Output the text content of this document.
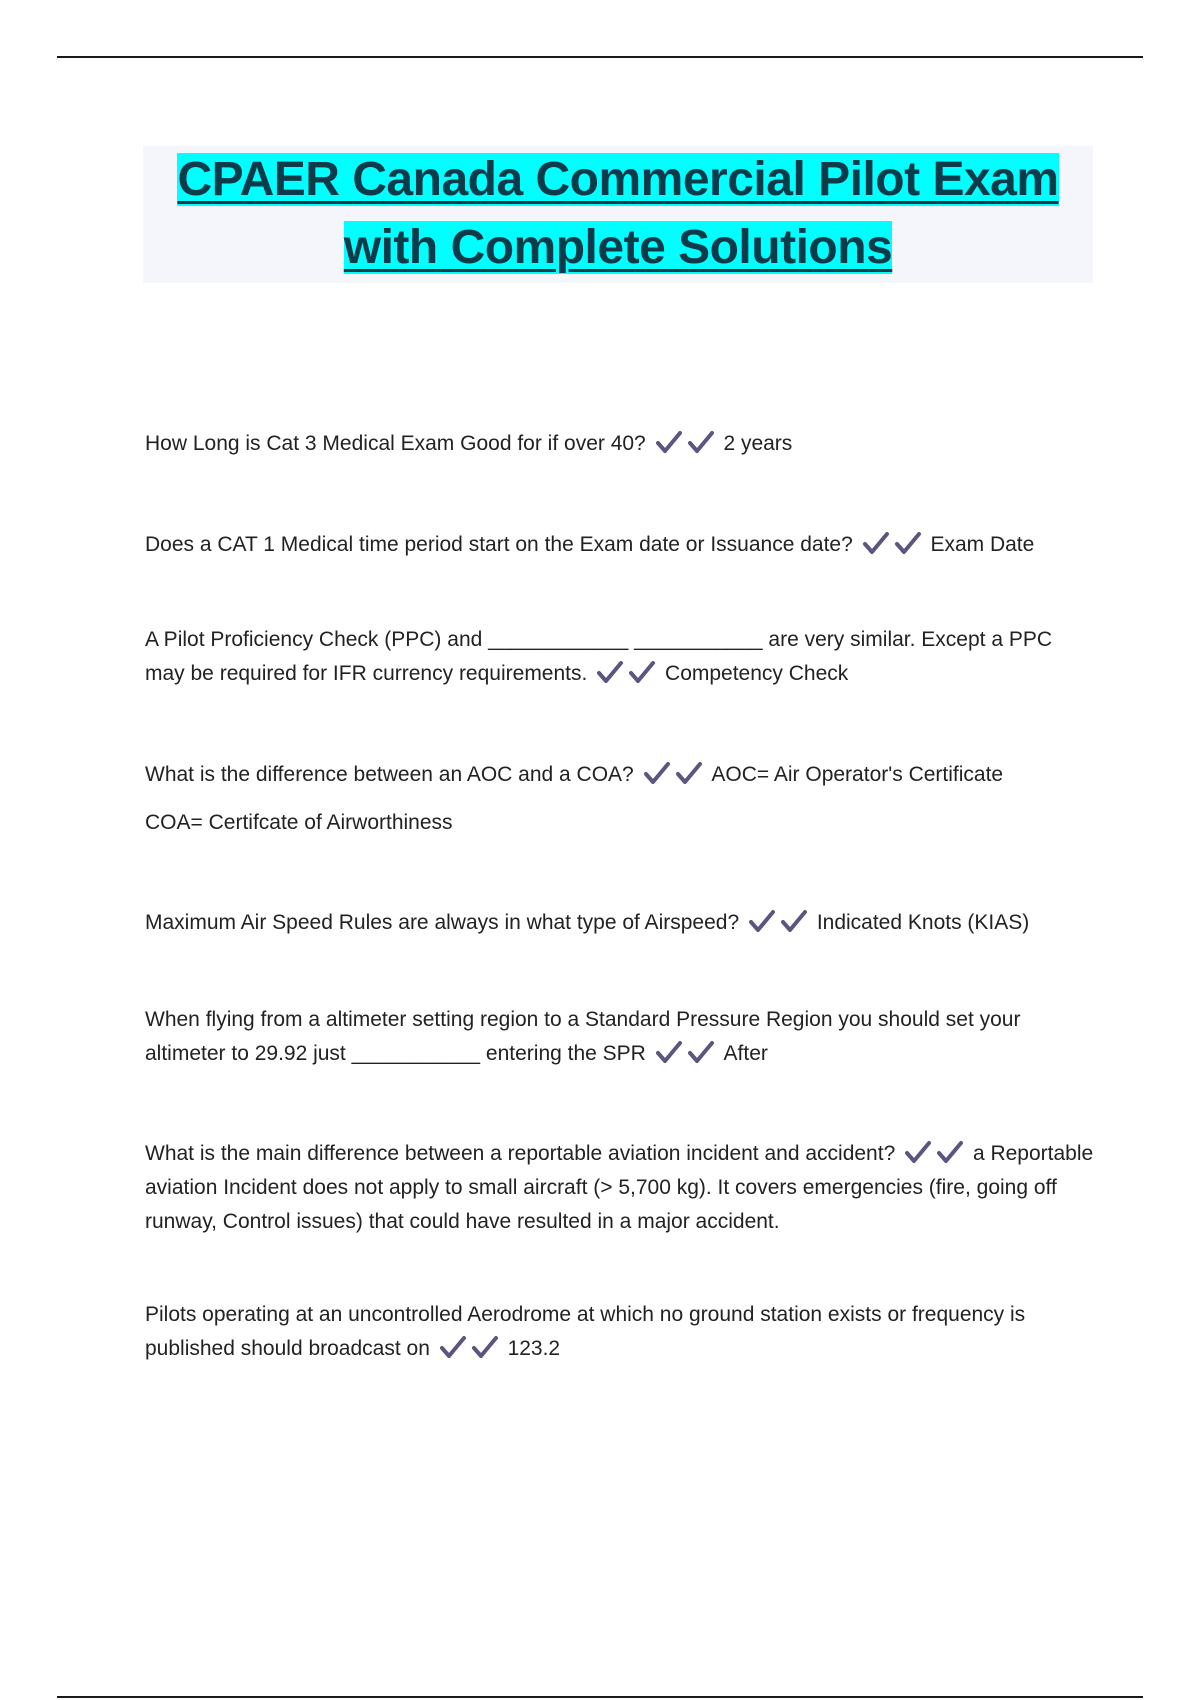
CPAER Canada Commercial Pilot Exam
with Complete Solutions
How Long is Cat 3 Medical Exam Good for if over 40?	2 years
Does a CAT 1 Medical time period start on the Exam date or Issuance date?	Exam Date
A Pilot Proficiency Check (PPC) and ____________ ___________ are very similar. Except a PPC may be required for IFR currency requirements.	Competency Check
What is the difference between an AOC and a COA?	AOC= Air Operator's Certificate
COA= Certifcate of Airworthiness
Maximum Air Speed Rules are always in what type of Airspeed?	Indicated Knots (KIAS)
When flying from a altimeter setting region to a Standard Pressure Region you should set your altimeter to 29.92 just ___________ entering the SPR	After
What is the main difference between a reportable aviation incident and accident?	a Reportable aviation Incident does not apply to small aircraft (> 5,700 kg). It covers emergencies (fire, going off runway, Control issues) that could have resulted in a major accident.
Pilots operating at an uncontrolled Aerodrome at which no ground station exists or frequency is published should broadcast on	123.2
